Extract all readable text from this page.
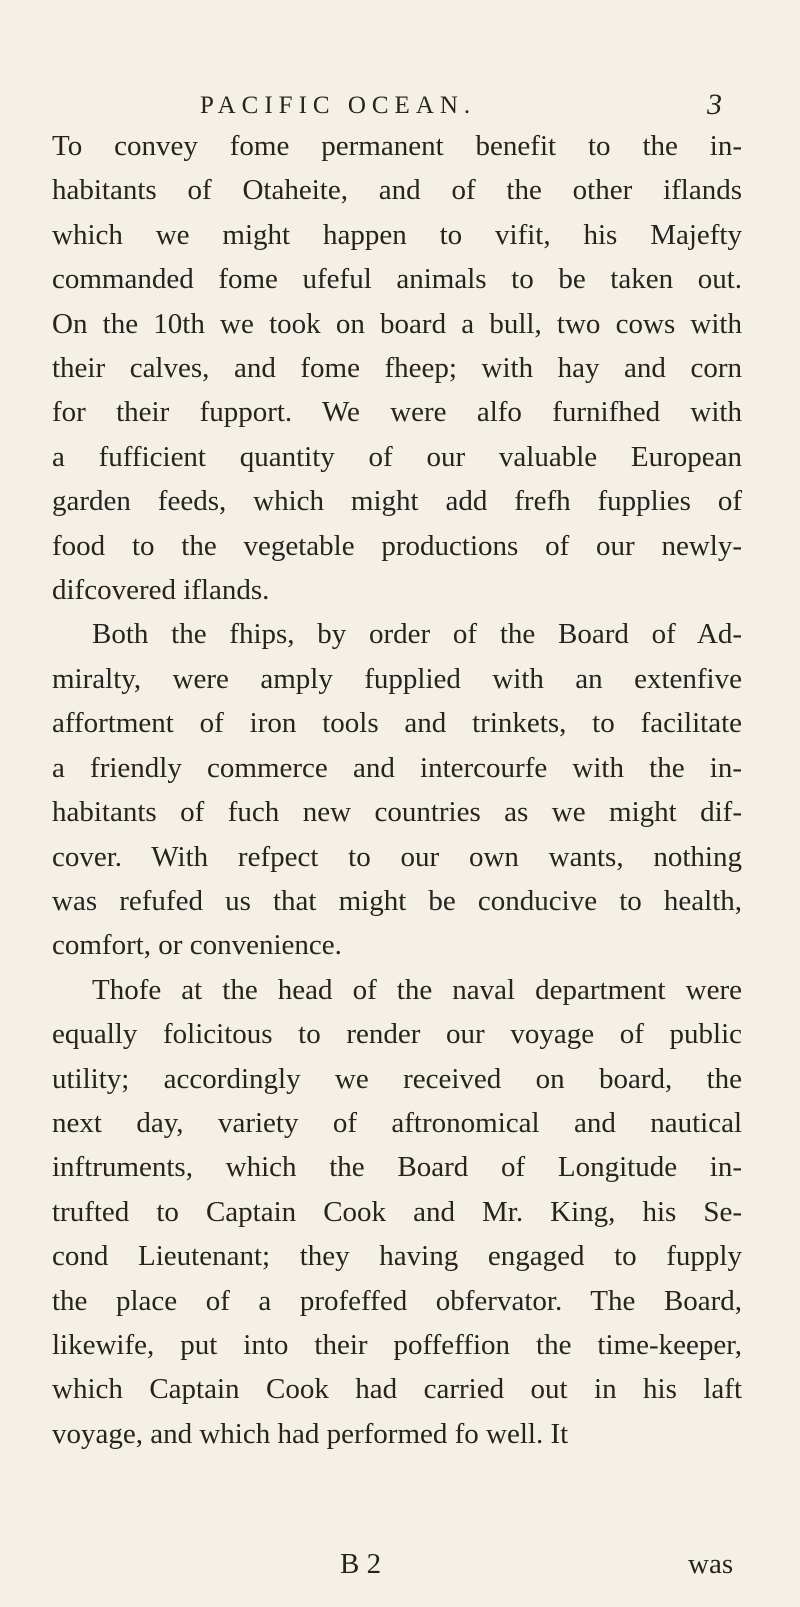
PACIFIC OCEAN.	3
To convey fome permanent benefit to the in-
habitants of Otaheite, and of the other iflands
which we might happen to vifit, his Majefty
commanded fome ufeful animals to be taken out.
On the 10th we took on board a bull, two cows with
their calves, and fome fheep; with hay and corn
for their fupport. We were alfo furnifhed with
a fufficient quantity of our valuable European
garden feeds, which might add frefh fupplies of
food to the vegetable productions of our newly-
difcovered iflands.
Both the fhips, by order of the Board of Ad-
miralty, were amply fupplied with an extenfive
affortment of iron tools and trinkets, to facilitate
a friendly commerce and intercourfe with the in-
habitants of fuch new countries as we might dif-
cover. With refpect to our own wants, nothing
was refufed us that might be conducive to health,
comfort, or convenience.
Thofe at the head of the naval department were
equally folicitous to render our voyage of public
utility; accordingly we received on board, the
next day, variety of aftronomical and nautical
inftruments, which the Board of Longitude in-
trufted to Captain Cook and Mr. King, his Se-
cond Lieutenant; they having engaged to fupply
the place of a profeffed obfervator. The Board,
likewife, put into their poffeffion the time-keeper,
which Captain Cook had carried out in his laft
voyage, and which had performed fo well. It
B 2	was
